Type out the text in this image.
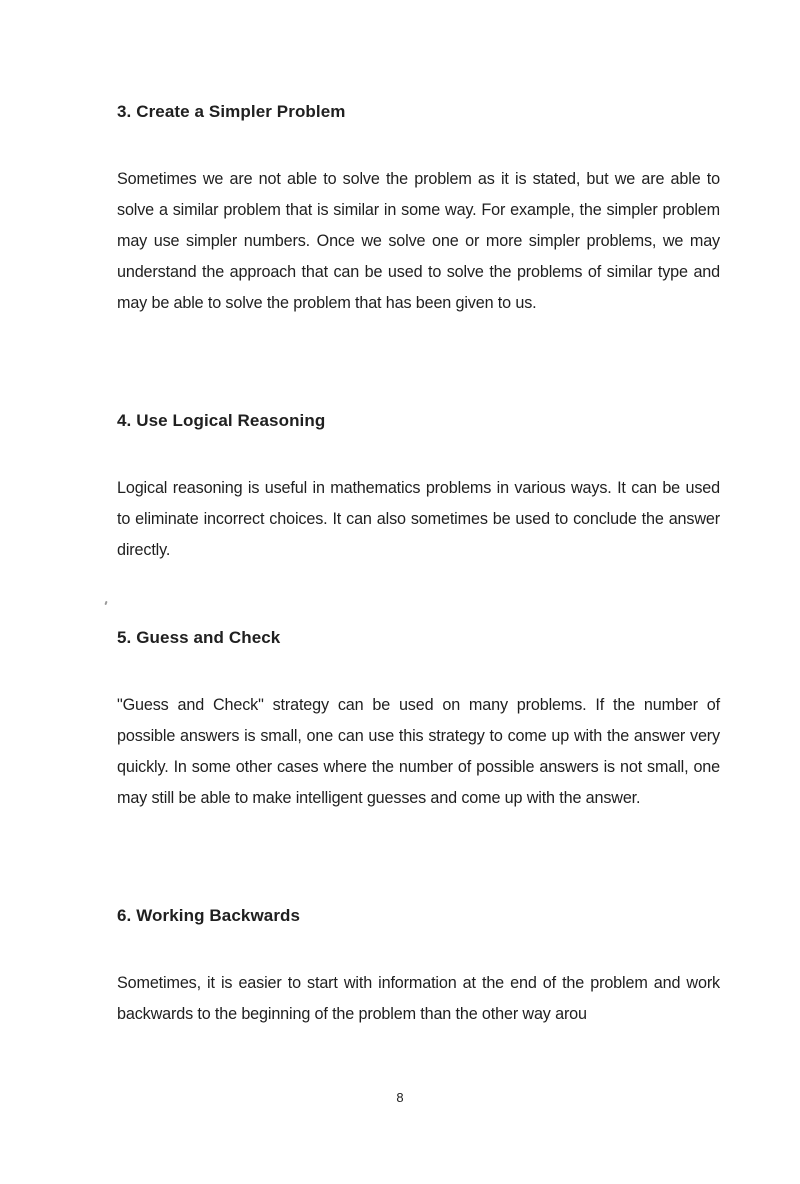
3. Create a Simpler Problem

Sometimes we are not able to solve the problem as it is stated, but we are able to solve a similar problem that is similar in some way. For example, the simpler problem may use simpler numbers. Once we solve one or more simpler problems, we may understand the approach that can be used to solve the problems of similar type and may be able to solve the problem that has been given to us.

4. Use Logical Reasoning

Logical reasoning is useful in mathematics problems in various ways. It can be used to eliminate incorrect choices. It can also sometimes be used to conclude the answer directly.

5. Guess and Check

"Guess and Check" strategy can be used on many problems. If the number of possible answers is small, one can use this strategy to come up with the answer very quickly. In some other cases where the number of possible answers is not small, one may still be able to make intelligent guesses and come up with the answer.

6. Working Backwards

Sometimes, it is easier to start with information at the end of the problem and work backwards to the beginning of the problem than the other way arou

8
